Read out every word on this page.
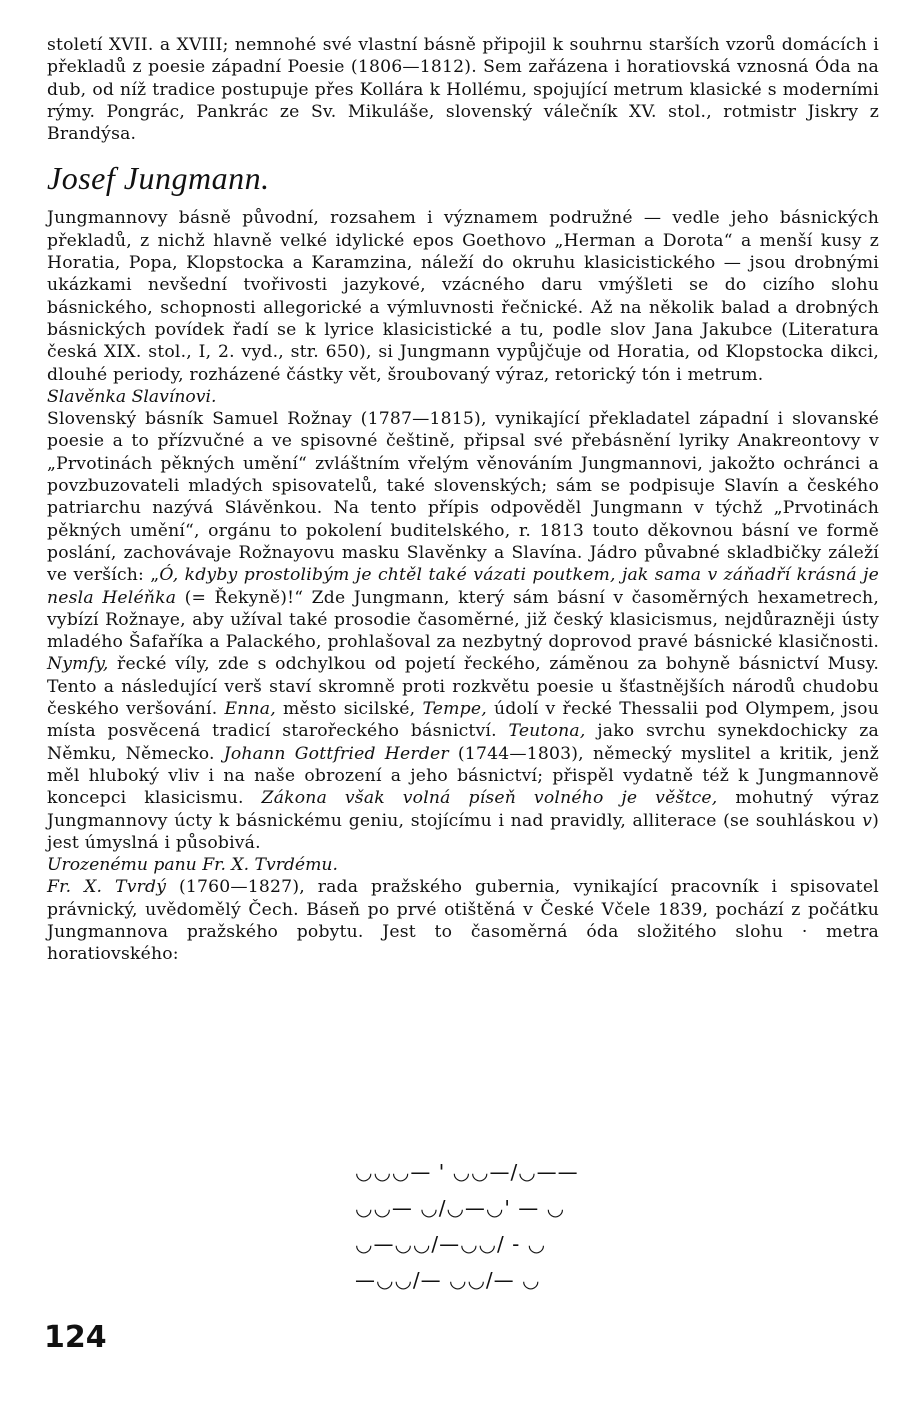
století XVII. a XVIII; nemnohé své vlastní básně připojil k souhrnu starších vzorů domácích i překladů z poesie západní Poesie (1806—1812). Sem zařázena i horatiovská vznosná Óda na dub, od níž tradice postupuje přes Kollára k Hollému, spojující metrum klasické s moderními rýmy. Pongrác, Pankrác ze Sv. Mikuláše, slovenský válečník XV. stol., rotmistr Jiskry z Brandýsa.

Josef Jungmann.

Jungmannovy básně původní, rozsahem i významem podružné — vedle jeho básnických překladů, z nichž hlavně velké idylické epos Goethovo „Herman a Dorota“ a menší kusy z Horatia, Popa, Klopstocka a Karamzina, náleží do okruhu klasicistického — jsou drobnými ukázkami nevšední tvořivosti jazykové, vzácného daru vmýšleti se do cizího slohu básnického, schopnosti allegorické a výmluvnosti řečnické. Až na několik balad a drobných básnických povídek řadí se k lyrice klasicistické a tu, podle slov Jana Jakubce (Literatura česká XIX. stol., I, 2. vyd., str. 650), si Jungmann vypůjčuje od Horatia, od Klopstocka dikci, dlouhé periody, rozházené částky vět, šroubovaný výraz, retorický tón i metrum.

Slavěnka Slavínovi.

Slovenský básník Samuel Rožnay (1787—1815), vynikající překladatel západní i slovanské poesie a to přízvučné a ve spisovné češtině, připsal své přebásnění lyriky Anakreontovy v „Prvotinách pěkných umění“ zvláštním vřelým věnováním Jungmannovi, jakožto ochránci a povzbuzovateli mladých spisovatelů, také slovenských; sám se podpisuje Slavín a českého patriarchu nazývá Slávěnkou. Na tento přípis odpověděl Jungmann v týchž „Prvotinách pěkných umění“, orgánu to pokolení buditelského, r. 1813 touto děkovnou básní ve formě poslání, zachovávaje Rožnayovu masku Slavěnky a Slavína. Jádro půvabné skladbičky záleží ve verších: „Ó, kdyby prostolibým je chtěl také vázati poutkem, jak sama v záňadří krásná je nesla Heléňka (= Řekyně)!“ Zde Jungmann, který sám básní v časoměrných hexametrech, vybízí Rožnaye, aby užíval také prosodie časoměrné, již český klasicismus, nejdůrazněji ústy mladého Šafaříka a Palackého, prohlašoval za nezbytný doprovod pravé básnické klasičnosti. Nymfy, řecké víly, zde s odchylkou od pojetí řeckého, záměnou za bohyně básnictví Musy. Tento a následující verš staví skromně proti rozkvětu poesie u šťastnějších národů chudobu českého veršování. Enna, město sicilské, Tempe, údolí v řecké Thessalii pod Olympem, jsou místa posvěcená tradicí starořeckého básnictví. Teutona, jako svrchu synekdochicky za Němku, Německo. Johann Gottfried Herder (1744—1803), německý myslitel a kritik, jenž měl hluboký vliv i na naše obrození a jeho básnictví; přispěl vydatně též k Jungmannově koncepci klasicismu. Zákona však volná píseň volného je věštce, mohutný výraz Jungmannovy úcty k básnickému geniu, stojícímu i nad pravidly, alliterace (se souhláskou v) jest úmyslná i působivá.

Urozenému panu Fr. X. Tvrdému.

Fr. X. Tvrdý (1760—1827), rada pražského gubernia, vynikající pracovník i spisovatel právnický, uvědomělý Čech. Báseň po prvé otištěná v České Včele 1839, pochází z počátku Jungmannova pražského pobytu. Jest to časoměrná óda složitého slohu · metra horatiovského:

◡◡◡— ' ◡◡—/◡——
◡◡— ◡/◡—◡' — ◡
◡—◡◡/—◡◡/ - ◡
—◡◡/— ◡◡/— ◡
124
